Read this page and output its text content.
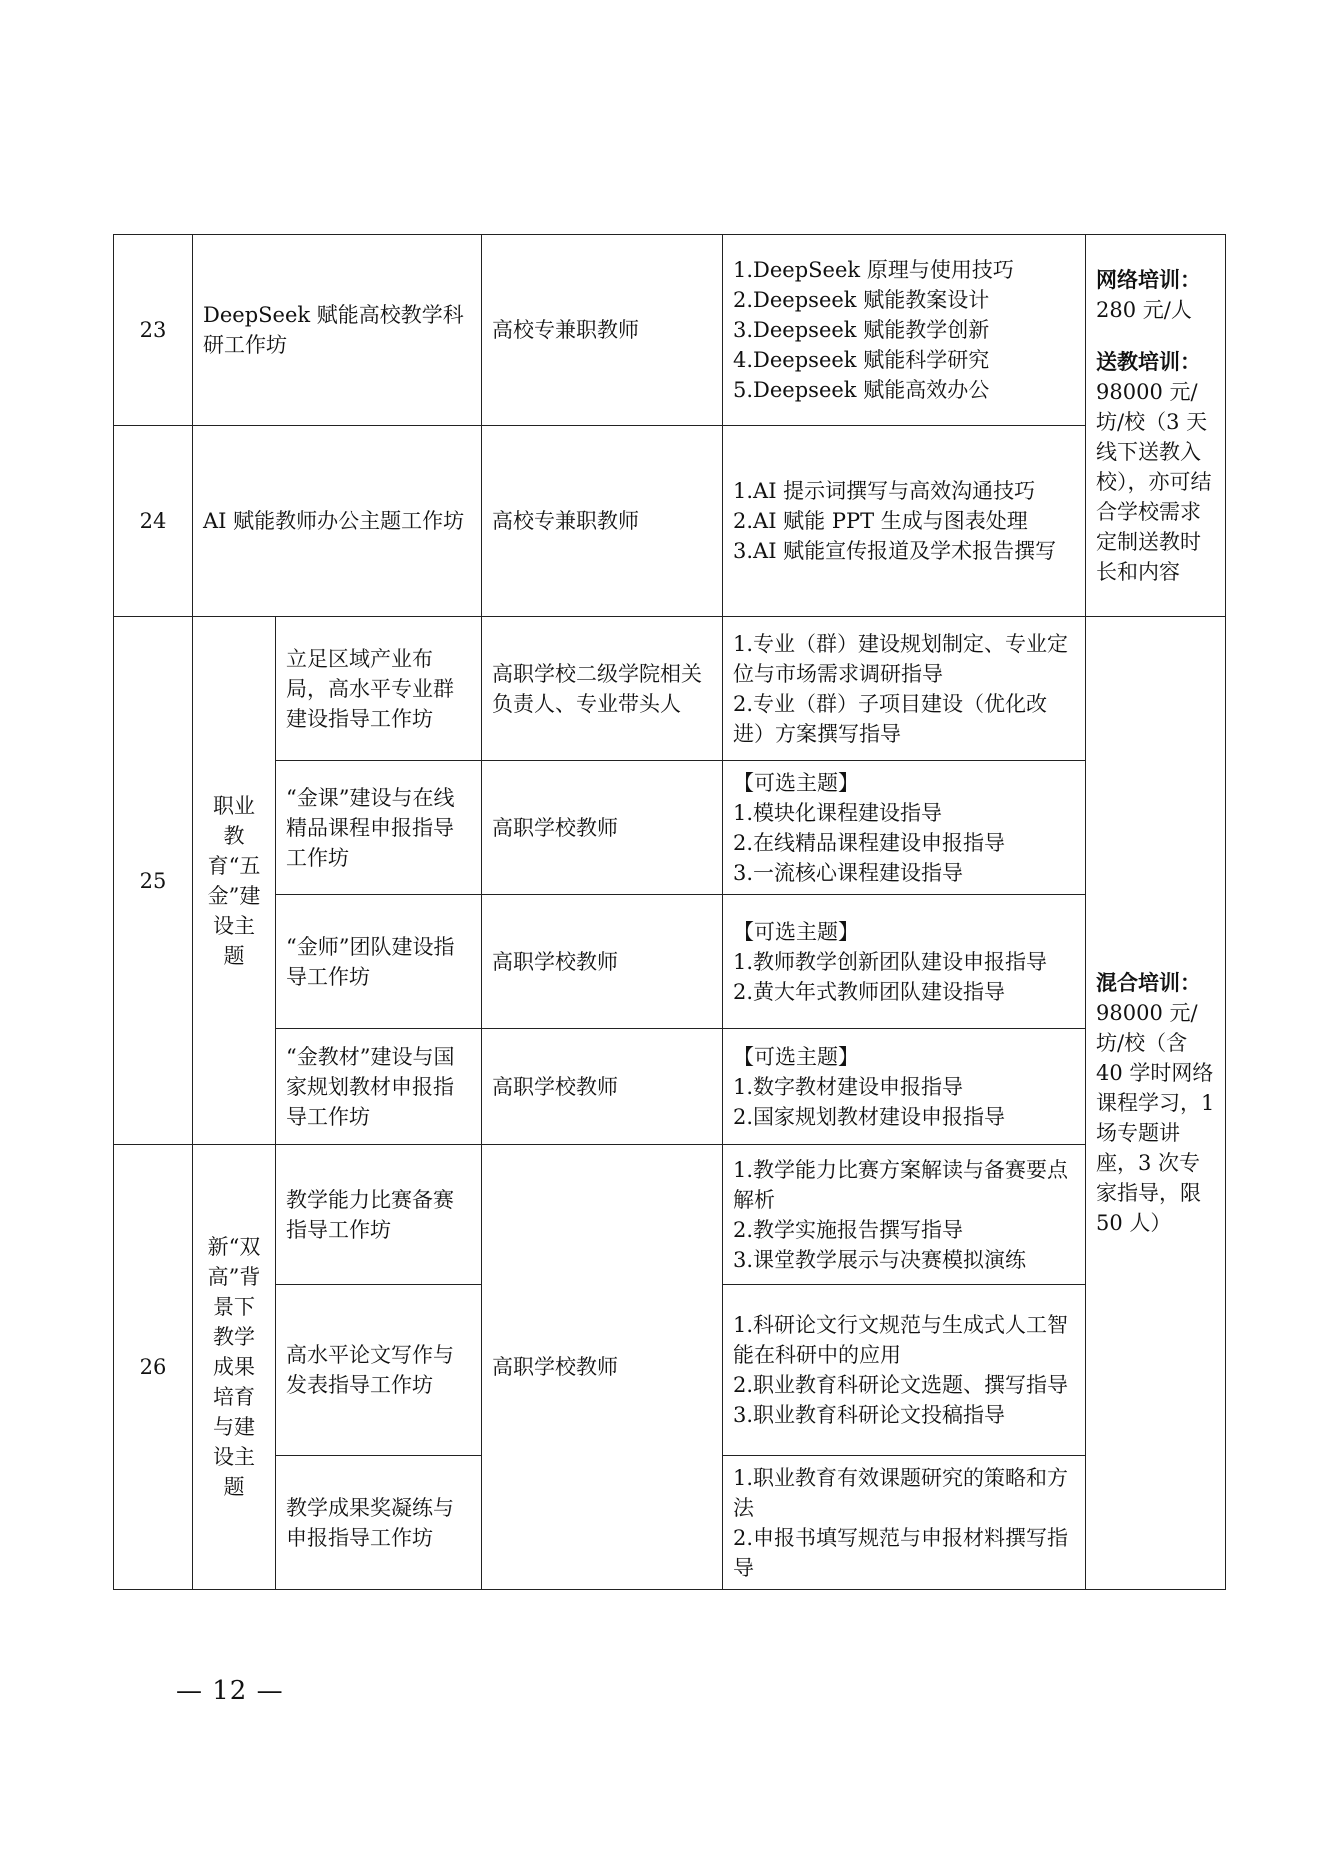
23	DeepSeek 赋能高校教学科研工作坊		高校专兼职教师	1.DeepSeek 原理与使用技巧
2.Deepseek 赋能教案设计
3.Deepseek 赋能教学创新
4.Deepseek 赋能科学研究
5.Deepseek 赋能高效办公	网络培训：
280 元/人
送教培训：
98000 元/坊/校（3 天线下送教入校），亦可结合学校需求定制送教时长和内容

24	AI 赋能教师办公主题工作坊		高校专兼职教师	1.AI 提示词撰写与高效沟通技巧
2.AI 赋能 PPT 生成与图表处理
3.AI 赋能宣传报道及学术报告撰写	

25	职业教育“五金”建设主题	立足区域产业布局，高水平专业群建设指导工作坊	高职学校二级学院相关负责人、专业带头人	1.专业（群）建设规划制定、专业定位与市场需求调研指导
2.专业（群）子项目建设（优化改进）方案撰写指导	混合培训：
98000 元/坊/校（含 40 学时网络课程学习，1 场专题讲座，3 次专家指导，限 50 人）

		“金课”建设与在线精品课程申报指导工作坊	高职学校教师	【可选主题】
1.模块化课程建设指导
2.在线精品课程建设申报指导
3.一流核心课程建设指导	

		“金师”团队建设指导工作坊	高职学校教师	【可选主题】
1.教师教学创新团队建设申报指导
2.黄大年式教师团队建设指导	

		“金教材”建设与国家规划教材申报指导工作坊	高职学校教师	【可选主题】
1.数字教材建设申报指导
2.国家规划教材建设申报指导	

26	新“双高”背景下教学成果培育与建设主题	教学能力比赛备赛指导工作坊	高职学校教师	1.教学能力比赛方案解读与备赛要点解析
2.教学实施报告撰写指导
3.课堂教学展示与决赛模拟演练	

		高水平论文写作与发表指导工作坊		1.科研论文行文规范与生成式人工智能在科研中的应用
2.职业教育科研论文选题、撰写指导
3.职业教育科研论文投稿指导	

		教学成果奖凝练与申报指导工作坊		1.职业教育有效课题研究的策略和方法
2.申报书填写规范与申报材料撰写指导	
— 12 —
